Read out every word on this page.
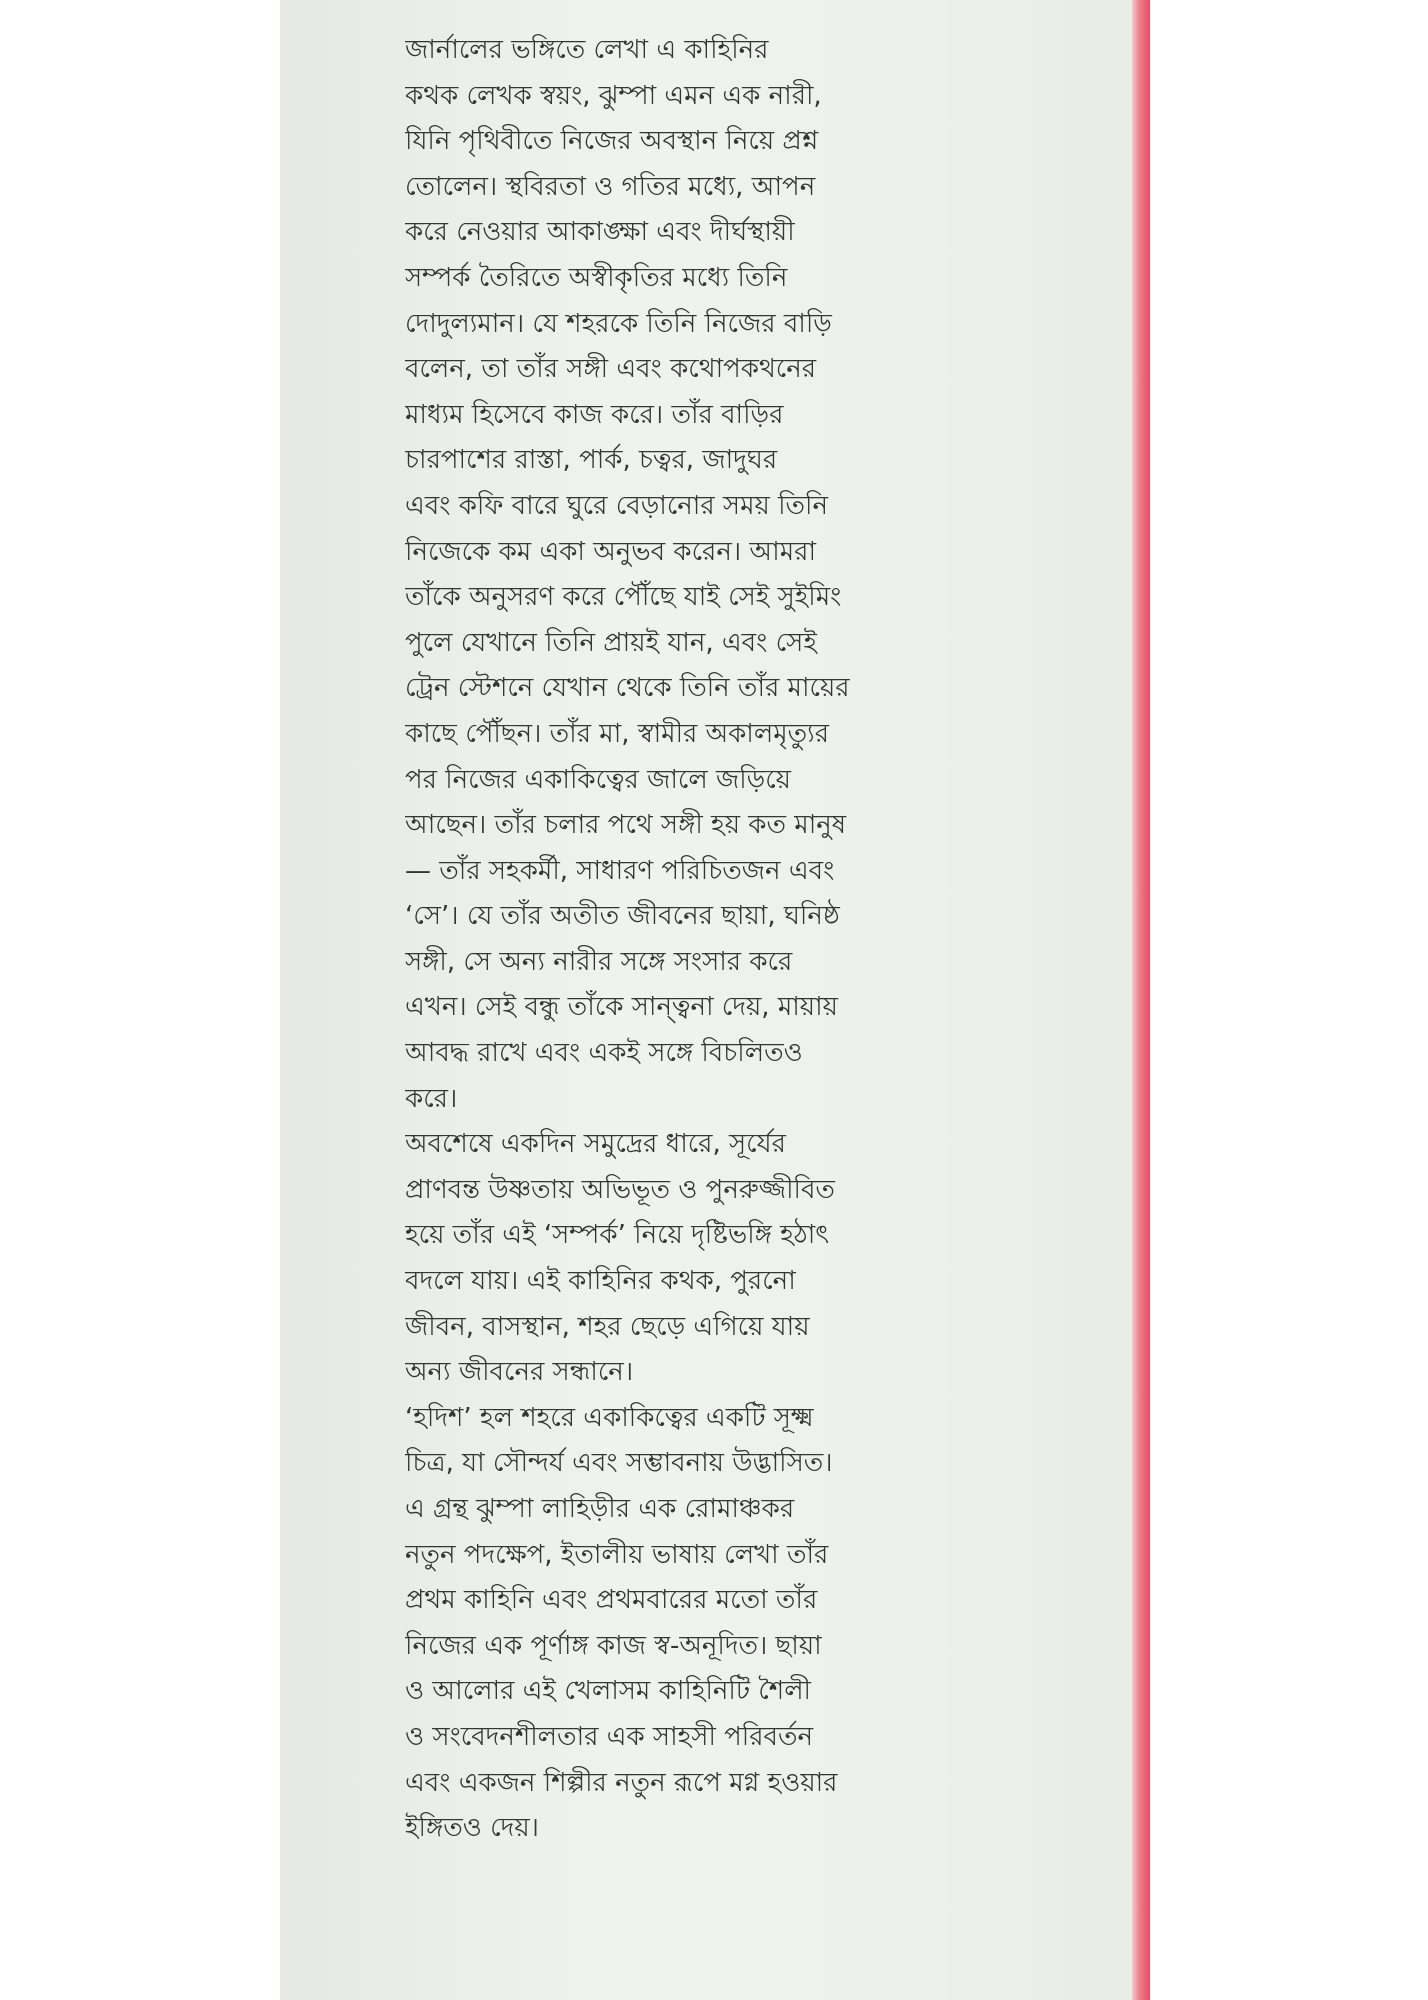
জার্নালের ভঙ্গিতে লেখা এ কাহিনির
কথক লেখক স্বয়ং, ঝুম্পা এমন এক নারী,
যিনি পৃথিবীতে নিজের অবস্থান নিয়ে প্রশ্ন
তোলেন। স্থবিরতা ও গতির মধ্যে, আপন
করে নেওয়ার আকাঙ্ক্ষা এবং দীর্ঘস্থায়ী
সম্পর্ক তৈরিতে অস্বীকৃতির মধ্যে তিনি
দোদুল্যমান। যে শহরকে তিনি নিজের বাড়ি
বলেন, তা তাঁর সঙ্গী এবং কথোপকথনের
মাধ্যম হিসেবে কাজ করে। তাঁর বাড়ির
চারপাশের রাস্তা, পার্ক, চত্বর, জাদুঘর
এবং কফি বারে ঘুরে বেড়ানোর সময় তিনি
নিজেকে কম একা অনুভব করেন। আমরা
তাঁকে অনুসরণ করে পৌঁছে যাই সেই সুইমিং
পুলে যেখানে তিনি প্রায়ই যান, এবং সেই
ট্রেন স্টেশনে যেখান থেকে তিনি তাঁর মায়ের
কাছে পৌঁছন। তাঁর মা, স্বামীর অকালমৃত্যুর
পর নিজের একাকিত্বের জালে জড়িয়ে
আছেন। তাঁর চলার পথে সঙ্গী হয় কত মানুষ
— তাঁর সহকর্মী, সাধারণ পরিচিতজন এবং
‘সে’। যে তাঁর অতীত জীবনের ছায়া, ঘনিষ্ঠ
সঙ্গী, সে অন্য নারীর সঙ্গে সংসার করে
এখন। সেই বন্ধু তাঁকে সান্ত্বনা দেয়, মায়ায়
আবদ্ধ রাখে এবং একই সঙ্গে বিচলিতও
করে।
অবশেষে একদিন সমুদ্রের ধারে, সূর্যের
প্রাণবন্ত উষ্ণতায় অভিভূত ও পুনরুজ্জীবিত
হয়ে তাঁর এই ‘সম্পর্ক’ নিয়ে দৃষ্টিভঙ্গি হঠাৎ
বদলে যায়। এই কাহিনির কথক, পুরনো
জীবন, বাসস্থান, শহর ছেড়ে এগিয়ে যায়
অন্য জীবনের সন্ধানে।
‘হদিশ’ হল শহরে একাকিত্বের একটি সূক্ষ্ম
চিত্র, যা সৌন্দর্য এবং সম্ভাবনায় উদ্ভাসিত।
এ গ্রন্থ ঝুম্পা লাহিড়ীর এক রোমাঞ্চকর
নতুন পদক্ষেপ, ইতালীয় ভাষায় লেখা তাঁর
প্রথম কাহিনি এবং প্রথমবারের মতো তাঁর
নিজের এক পূর্ণাঙ্গ কাজ স্ব-অনূদিত। ছায়া
ও আলোর এই খেলাসম কাহিনিটি শৈলী
ও সংবেদনশীলতার এক সাহসী পরিবর্তন
এবং একজন শিল্পীর নতুন রূপে মগ্ন হওয়ার
ইঙ্গিতও দেয়।
